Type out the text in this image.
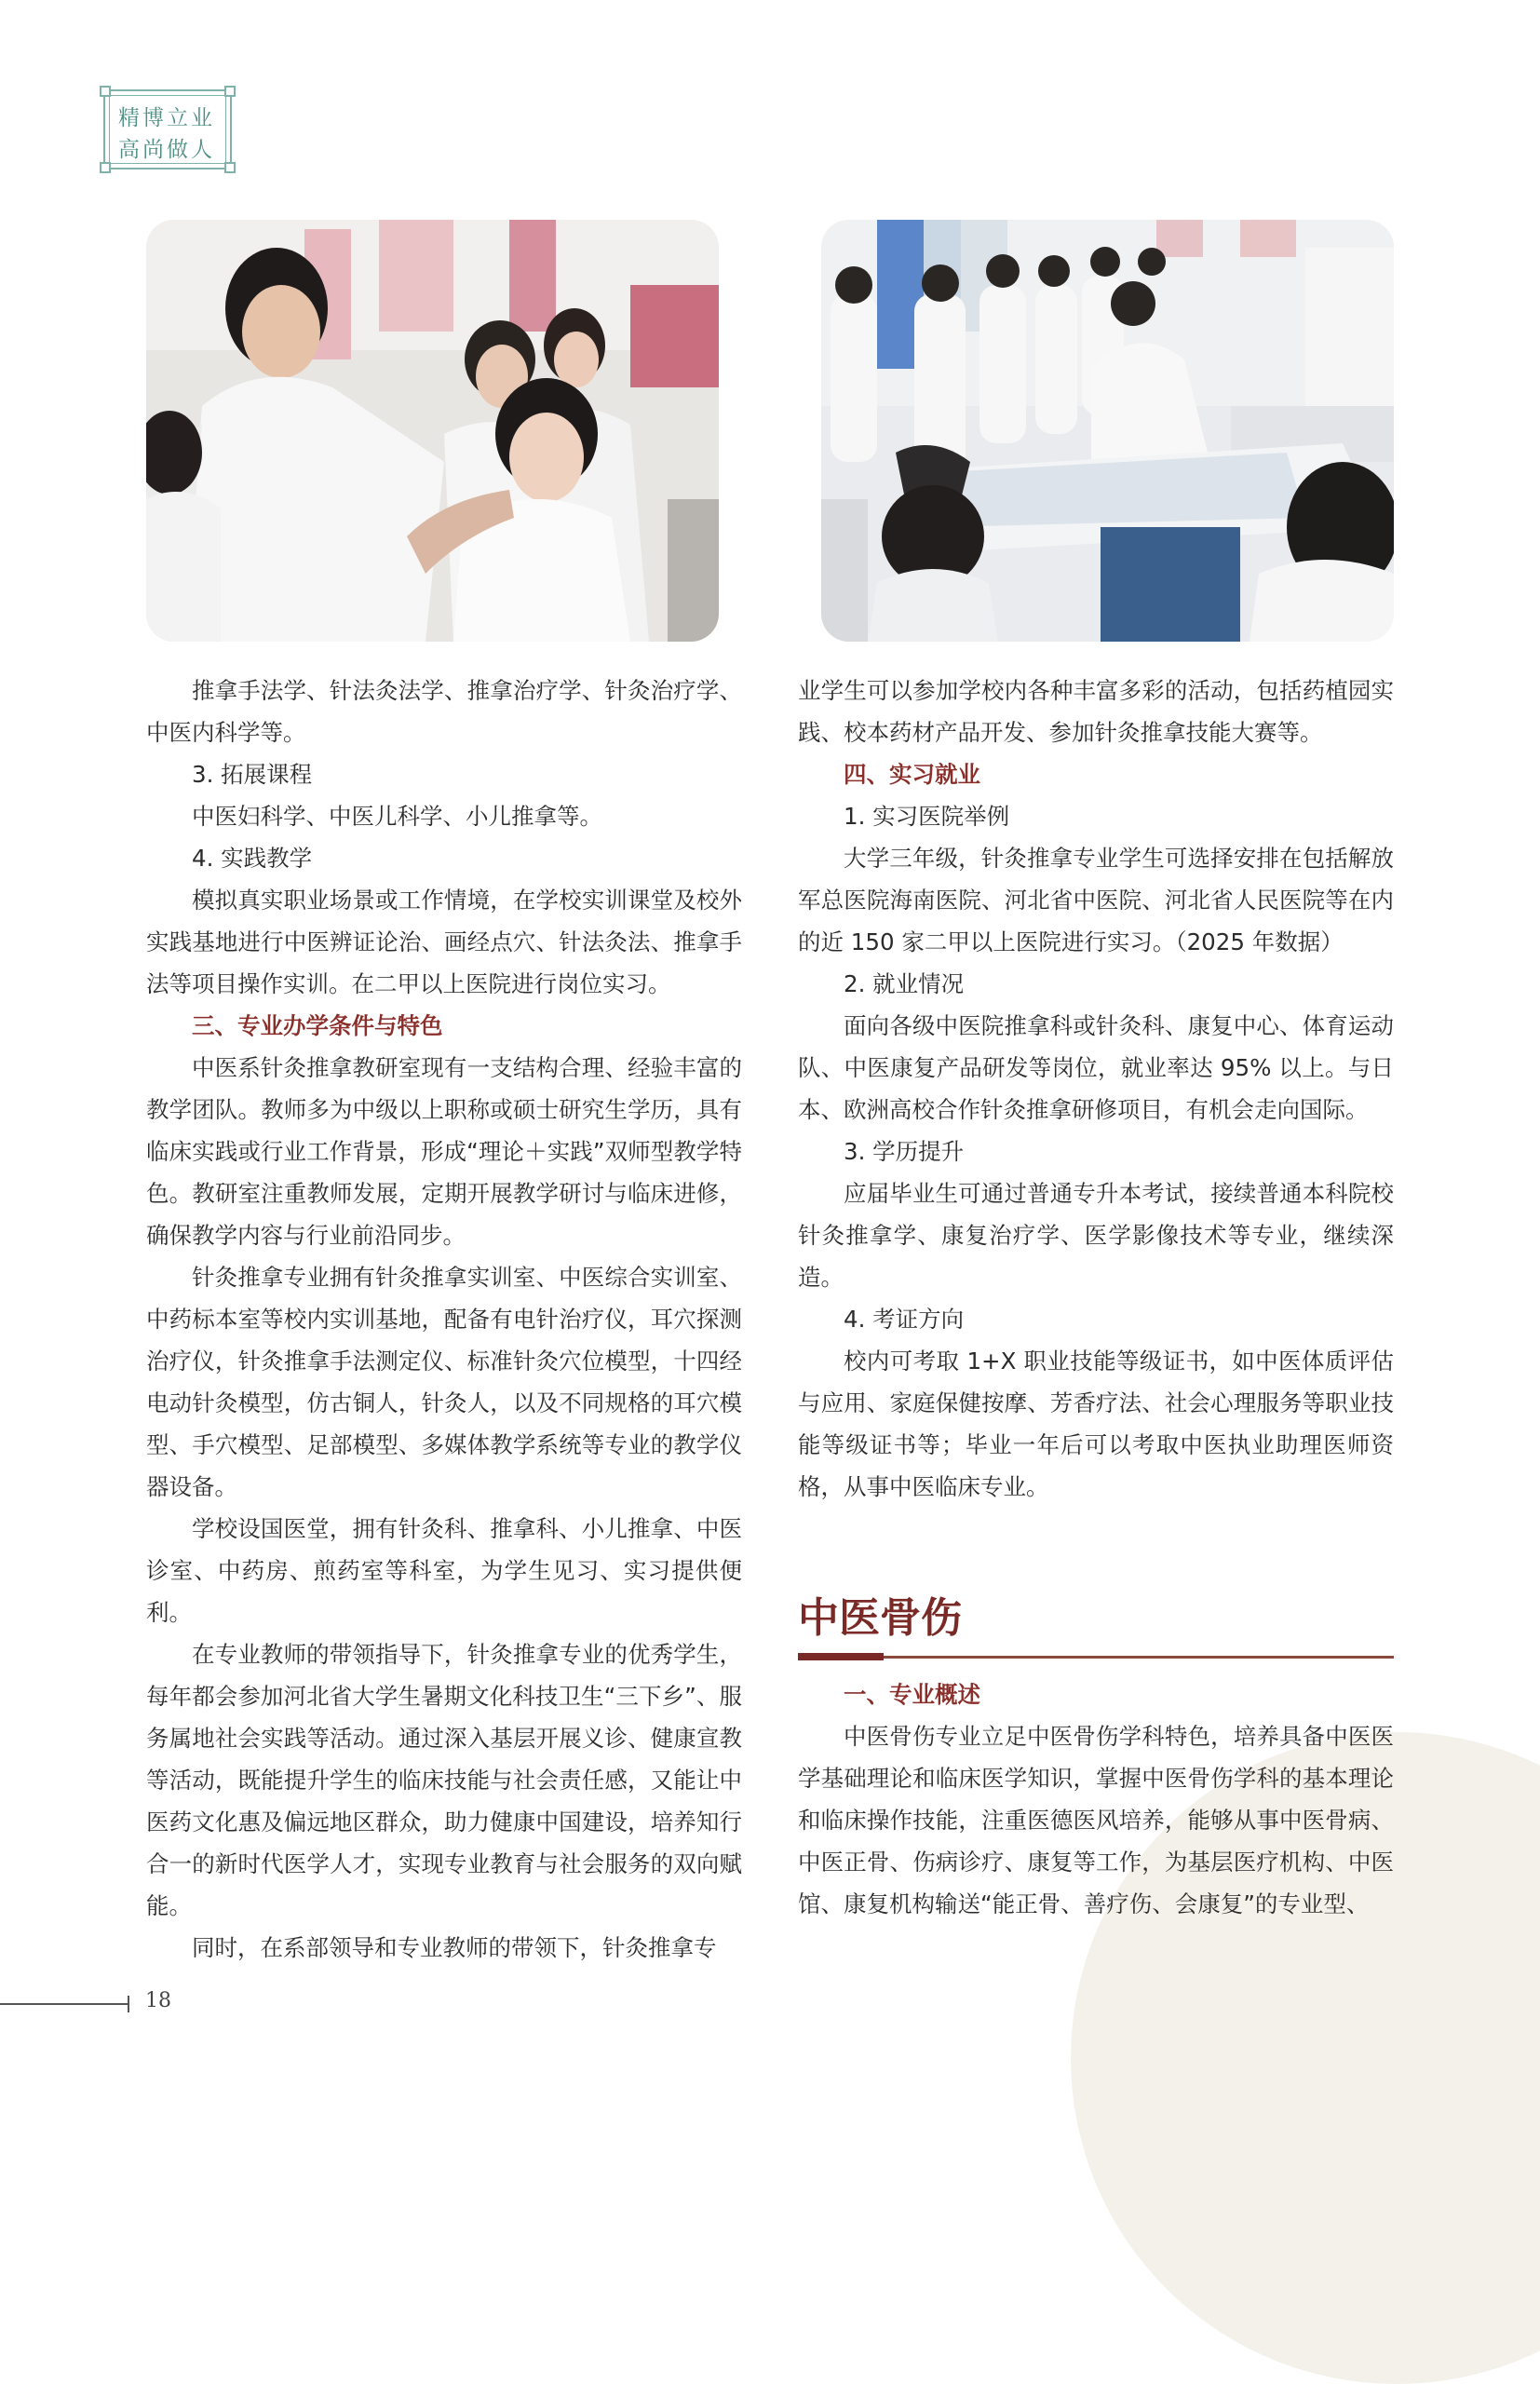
精博立业
高尚做人

推拿手法学、针法灸法学、推拿治疗学、针灸治疗学、中医内科学等。

3. 拓展课程

中医妇科学、中医儿科学、小儿推拿等。

4. 实践教学

模拟真实职业场景或工作情境，在学校实训课堂及校外实践基地进行中医辨证论治、画经点穴、针法灸法、推拿手法等项目操作实训。在二甲以上医院进行岗位实习。

三、专业办学条件与特色

中医系针灸推拿教研室现有一支结构合理、经验丰富的教学团队。教师多为中级以上职称或硕士研究生学历，具有临床实践或行业工作背景，形成“理论＋实践”双师型教学特色。教研室注重教师发展，定期开展教学研讨与临床进修，确保教学内容与行业前沿同步。

针灸推拿专业拥有针灸推拿实训室、中医综合实训室、中药标本室等校内实训基地，配备有电针治疗仪，耳穴探测治疗仪，针灸推拿手法测定仪、标准针灸穴位模型，十四经电动针灸模型，仿古铜人，针灸人，以及不同规格的耳穴模型、手穴模型、足部模型、多媒体教学系统等专业的教学仪器设备。

学校设国医堂，拥有针灸科、推拿科、小儿推拿、中医诊室、中药房、煎药室等科室，为学生见习、实习提供便利。

在专业教师的带领指导下，针灸推拿专业的优秀学生，每年都会参加河北省大学生暑期文化科技卫生“三下乡”、服务属地社会实践等活动。通过深入基层开展义诊、健康宣教等活动，既能提升学生的临床技能与社会责任感，又能让中医药文化惠及偏远地区群众，助力健康中国建设，培养知行合一的新时代医学人才，实现专业教育与社会服务的双向赋能。

同时，在系部领导和专业教师的带领下，针灸推拿专

业学生可以参加学校内各种丰富多彩的活动，包括药植园实践、校本药材产品开发、参加针灸推拿技能大赛等。

四、实习就业

1. 实习医院举例

大学三年级，针灸推拿专业学生可选择安排在包括解放军总医院海南医院、河北省中医院、河北省人民医院等在内的近 150 家二甲以上医院进行实习。（2025 年数据）

2. 就业情况

面向各级中医院推拿科或针灸科、康复中心、体育运动队、中医康复产品研发等岗位，就业率达 95% 以上。与日本、欧洲高校合作针灸推拿研修项目，有机会走向国际。

3. 学历提升

应届毕业生可通过普通专升本考试，接续普通本科院校针灸推拿学、康复治疗学、医学影像技术等专业，继续深造。

4. 考证方向

校内可考取 1+X 职业技能等级证书，如中医体质评估与应用、家庭保健按摩、芳香疗法、社会心理服务等职业技能等级证书等；毕业一年后可以考取中医执业助理医师资格，从事中医临床专业。

中医骨伤
一、专业概述

中医骨伤专业立足中医骨伤学科特色，培养具备中医医学基础理论和临床医学知识，掌握中医骨伤学科的基本理论和临床操作技能，注重医德医风培养，能够从事中医骨病、中医正骨、伤病诊疗、康复等工作，为基层医疗机构、中医馆、康复机构输送“能正骨、善疗伤、会康复”的专业型、

18
